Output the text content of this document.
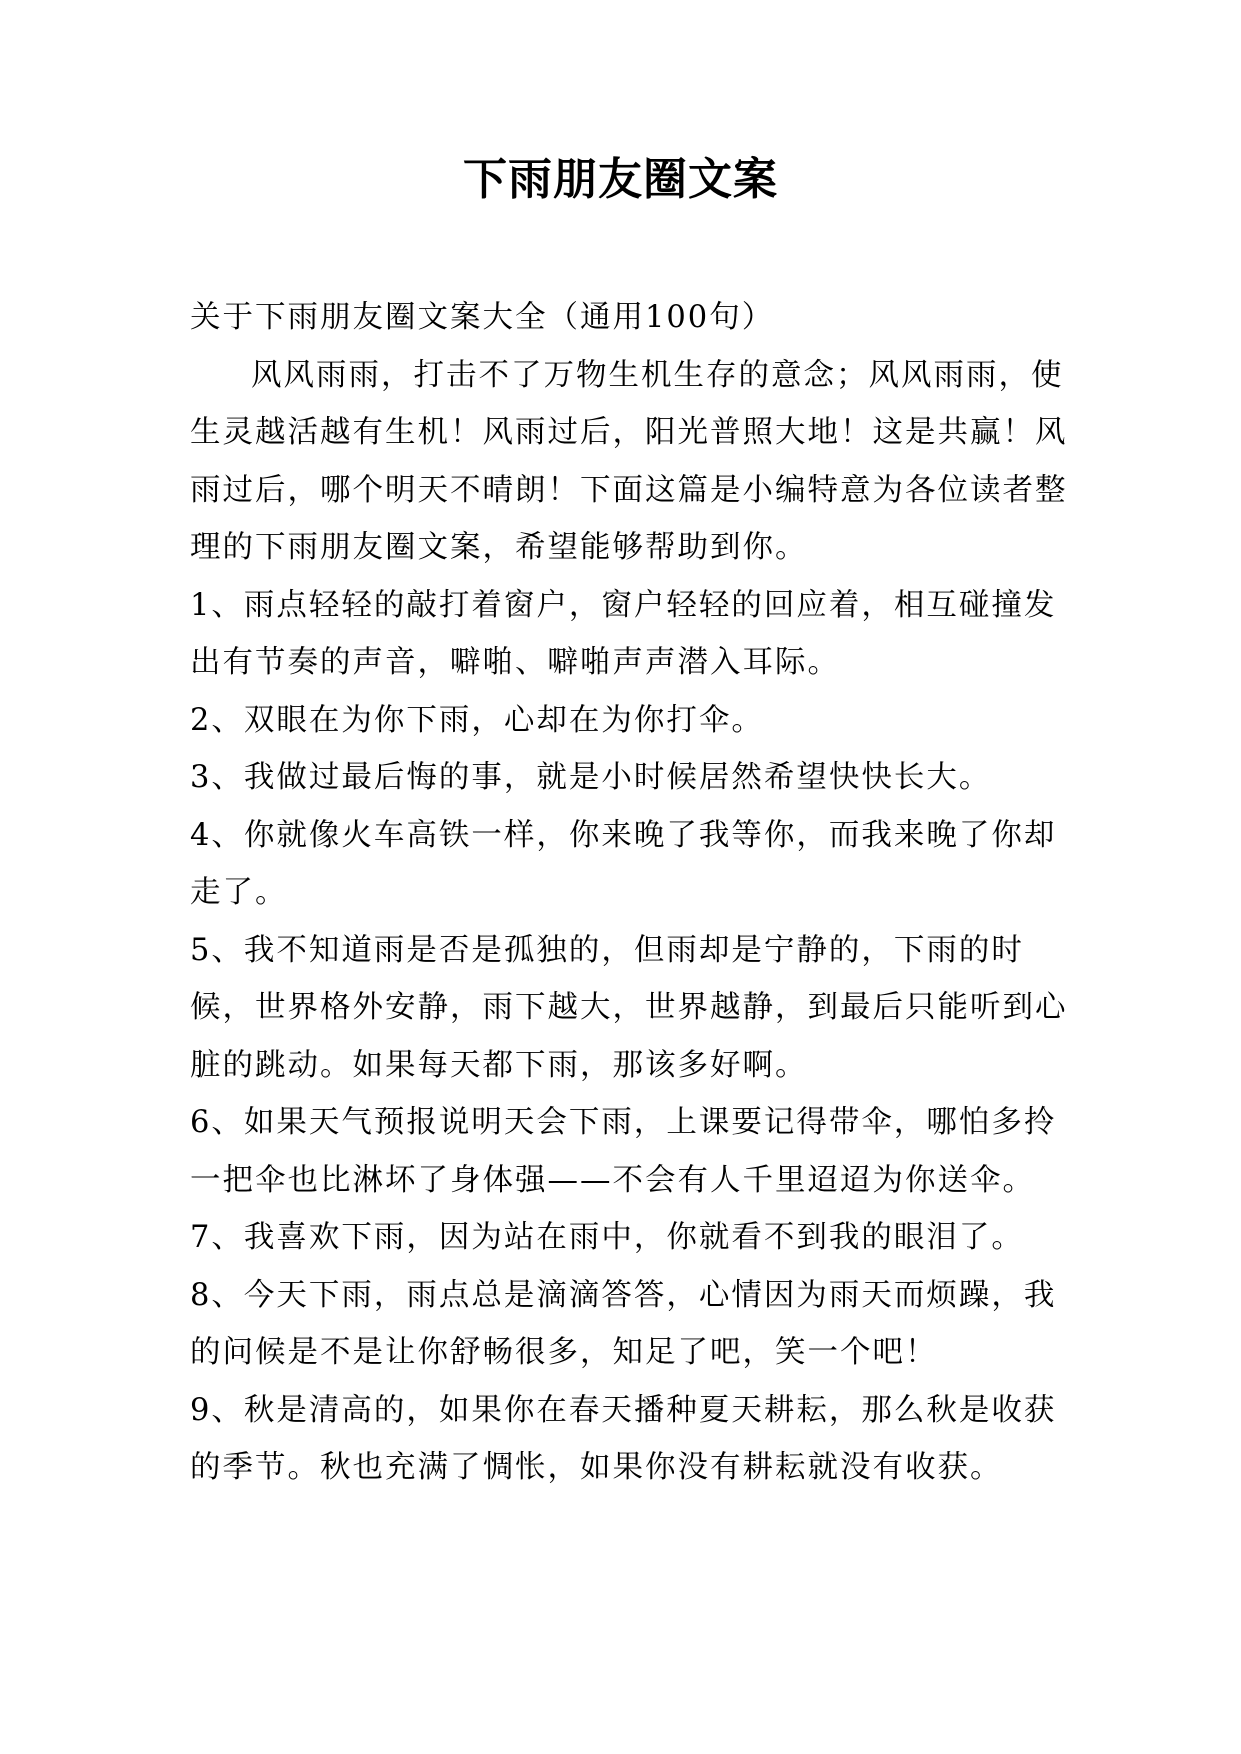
下雨朋友圈文案

关于下雨朋友圈文案大全（通用100句）

风风雨雨，打击不了万物生机生存的意念；风风雨雨，使生灵越活越有生机！风雨过后，阳光普照大地！这是共赢！风雨过后，哪个明天不晴朗！下面这篇是小编特意为各位读者整理的下雨朋友圈文案，希望能够帮助到你。

1、雨点轻轻的敲打着窗户，窗户轻轻的回应着，相互碰撞发出有节奏的声音，噼啪、噼啪声声潜入耳际。

2、双眼在为你下雨，心却在为你打伞。

3、我做过最后悔的事，就是小时候居然希望快快长大。

4、你就像火车高铁一样，你来晚了我等你，而我来晚了你却走了。

5、我不知道雨是否是孤独的，但雨却是宁静的，下雨的时候，世界格外安静，雨下越大，世界越静，到最后只能听到心脏的跳动。如果每天都下雨，那该多好啊。

6、如果天气预报说明天会下雨，上课要记得带伞，哪怕多拎一把伞也比淋坏了身体强——不会有人千里迢迢为你送伞。

7、我喜欢下雨，因为站在雨中，你就看不到我的眼泪了。

8、今天下雨，雨点总是滴滴答答，心情因为雨天而烦躁，我的问候是不是让你舒畅很多，知足了吧，笑一个吧！

9、秋是清高的，如果你在春天播种夏天耕耘，那么秋是收获的季节。秋也充满了惆怅，如果你没有耕耘就没有收获。
